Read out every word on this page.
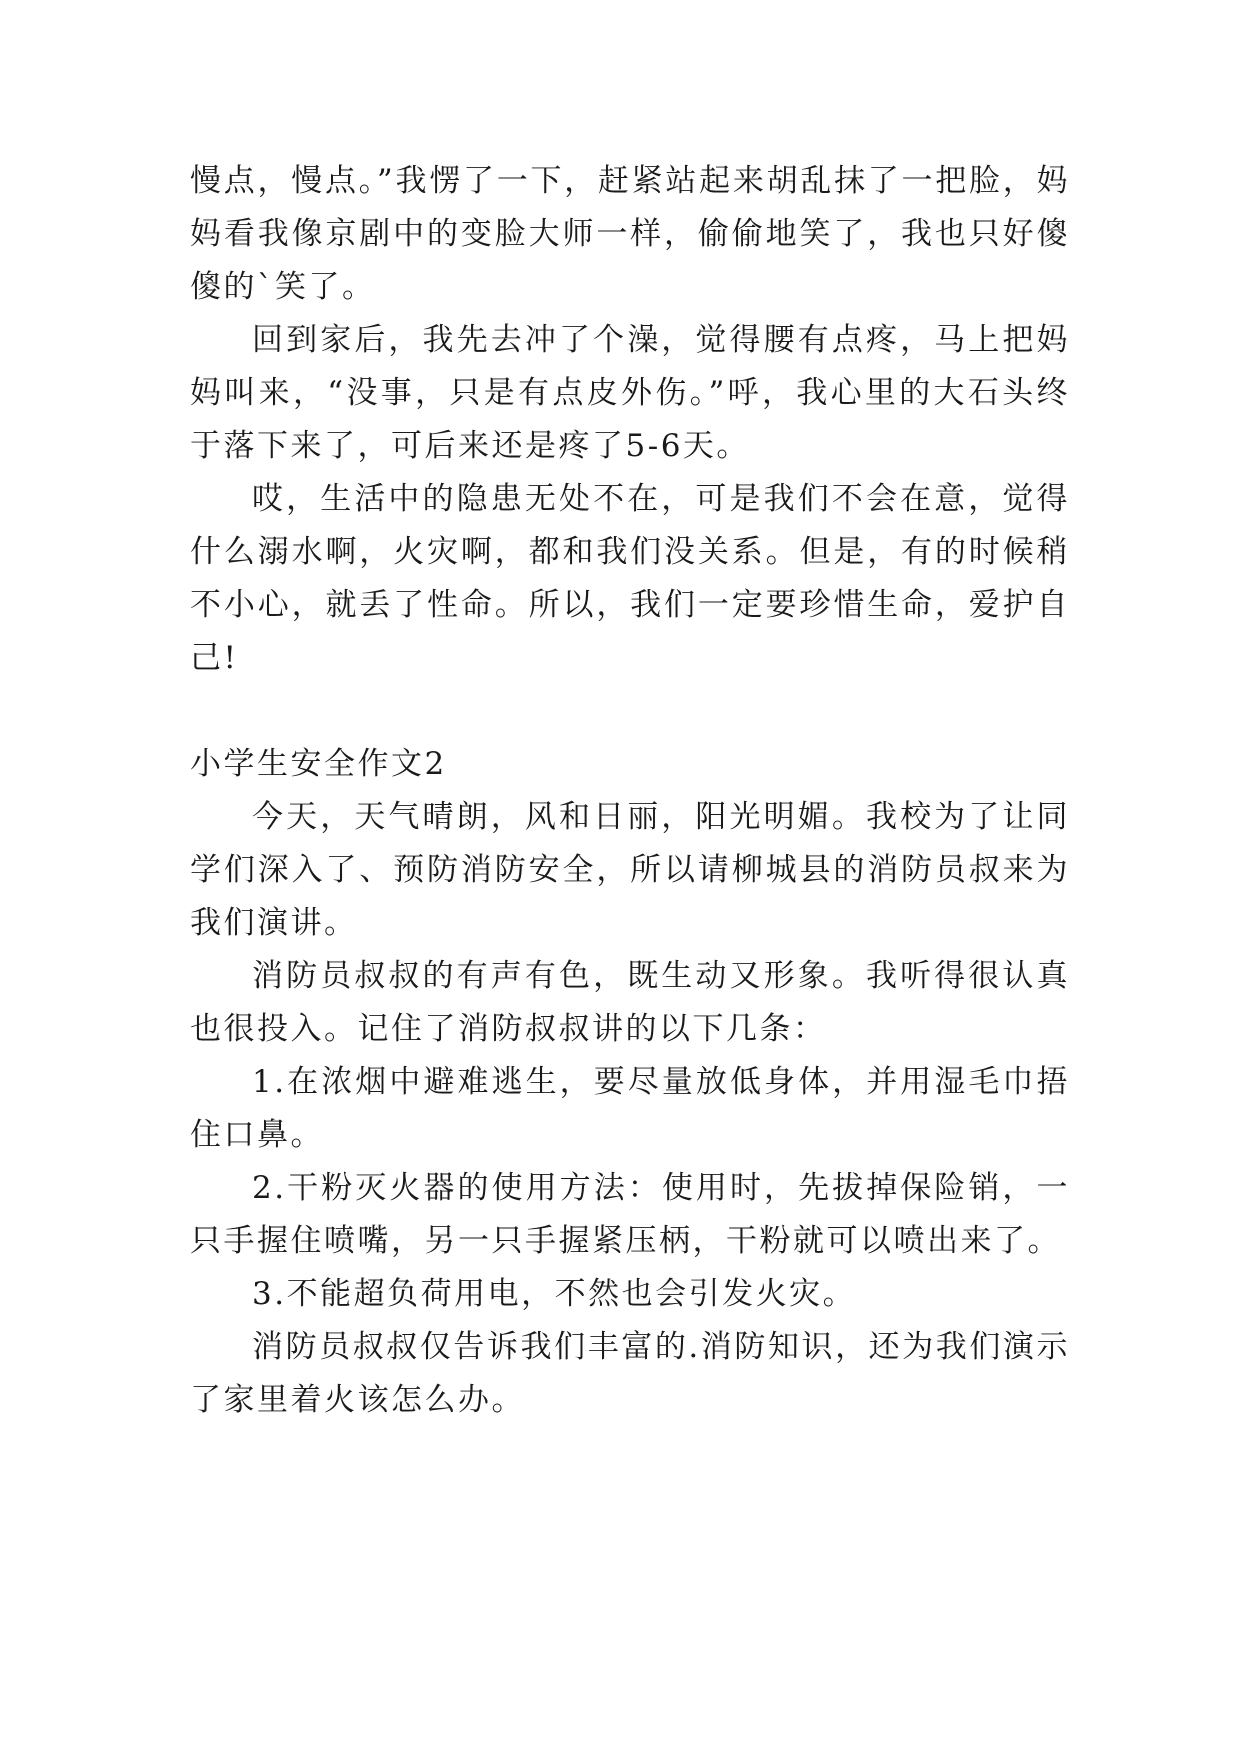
慢点，慢点。”我愣了一下，赶紧站起来胡乱抹了一把脸，妈妈看我像京剧中的变脸大师一样，偷偷地笑了，我也只好傻傻的`笑了。

回到家后，我先去冲了个澡，觉得腰有点疼，马上把妈妈叫来，“没事，只是有点皮外伤。”呼，我心里的大石头终于落下来了，可后来还是疼了5-6天。

哎，生活中的隐患无处不在，可是我们不会在意，觉得什么溺水啊，火灾啊，都和我们没关系。但是，有的时候稍不小心，就丢了性命。所以，我们一定要珍惜生命，爱护自己!

小学生安全作文2

今天，天气晴朗，风和日丽，阳光明媚。我校为了让同学们深入了、预防消防安全，所以请柳城县的消防员叔来为我们演讲。

消防员叔叔的有声有色，既生动又形象。我听得很认真也很投入。记住了消防叔叔讲的以下几条：

1.在浓烟中避难逃生，要尽量放低身体，并用湿毛巾捂住口鼻。

2.干粉灭火器的使用方法：使用时，先拔掉保险销，一只手握住喷嘴，另一只手握紧压柄，干粉就可以喷出来了。

3.不能超负荷用电，不然也会引发火灾。

消防员叔叔仅告诉我们丰富的.消防知识，还为我们演示了家里着火该怎么办。
